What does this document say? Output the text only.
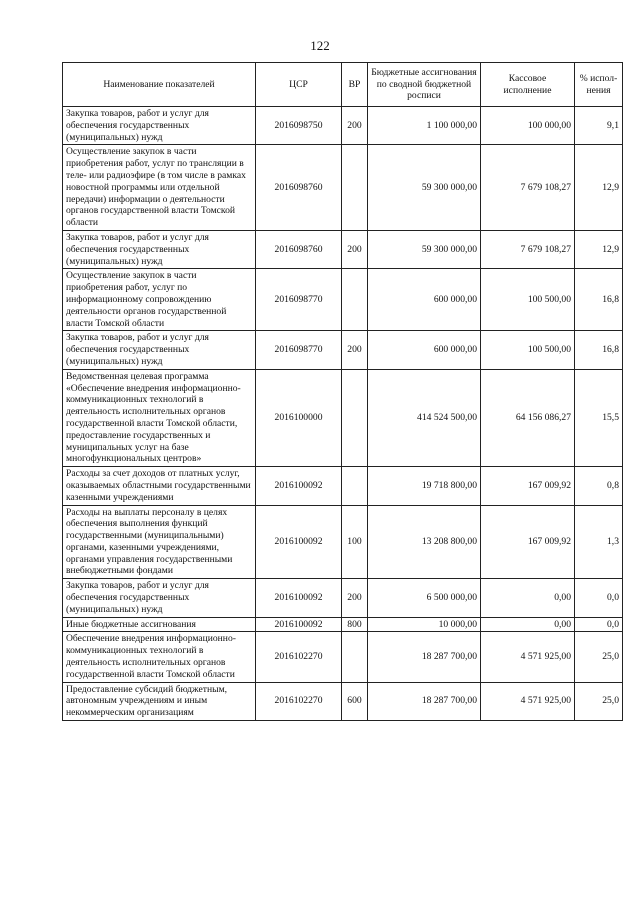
122
Наименование показателей	ЦСР	ВР	Бюджетные ассигнования по сводной бюджетной росписи	Кассовое исполнение	% испол-нения
Закупка товаров, работ и услуг для обеспечения государственных (муниципальных) нужд	2016098750	200	1 100 000,00	100 000,00	9,1
Осуществление закупок в части приобретения работ, услуг по трансляции в теле- или радиоэфире (в том числе в рамках новостной программы или отдельной передачи) информации о деятельности органов государственной власти Томской области	2016098760		59 300 000,00	7 679 108,27	12,9
Закупка товаров, работ и услуг для обеспечения государственных (муниципальных) нужд	2016098760	200	59 300 000,00	7 679 108,27	12,9
Осуществление закупок в части приобретения работ, услуг по информационному сопровождению деятельности органов государственной власти Томской области	2016098770		600 000,00	100 500,00	16,8
Закупка товаров, работ и услуг для обеспечения государственных (муниципальных) нужд	2016098770	200	600 000,00	100 500,00	16,8
Ведомственная целевая программа «Обеспечение внедрения информационно-коммуникационных технологий в деятельность исполнительных органов государственной власти Томской области, предоставление государственных и муниципальных услуг на базе многофункциональных центров»	2016100000		414 524 500,00	64 156 086,27	15,5
Расходы за счет доходов от платных услуг, оказываемых областными государственными казенными учреждениями	2016100092		19 718 800,00	167 009,92	0,8
Расходы на выплаты персоналу в целях обеспечения выполнения функций государственными (муниципальными) органами, казенными учреждениями, органами управления государственными внебюджетными фондами	2016100092	100	13 208 800,00	167 009,92	1,3
Закупка товаров, работ и услуг для обеспечения государственных (муниципальных) нужд	2016100092	200	6 500 000,00	0,00	0,0
Иные бюджетные ассигнования	2016100092	800	10 000,00	0,00	0,0
Обеспечение внедрения информационно-коммуникационных технологий в деятельность исполнительных органов государственной власти Томской области	2016102270		18 287 700,00	4 571 925,00	25,0
Предоставление субсидий бюджетным, автономным учреждениям и иным некоммерческим организациям	2016102270	600	18 287 700,00	4 571 925,00	25,0
